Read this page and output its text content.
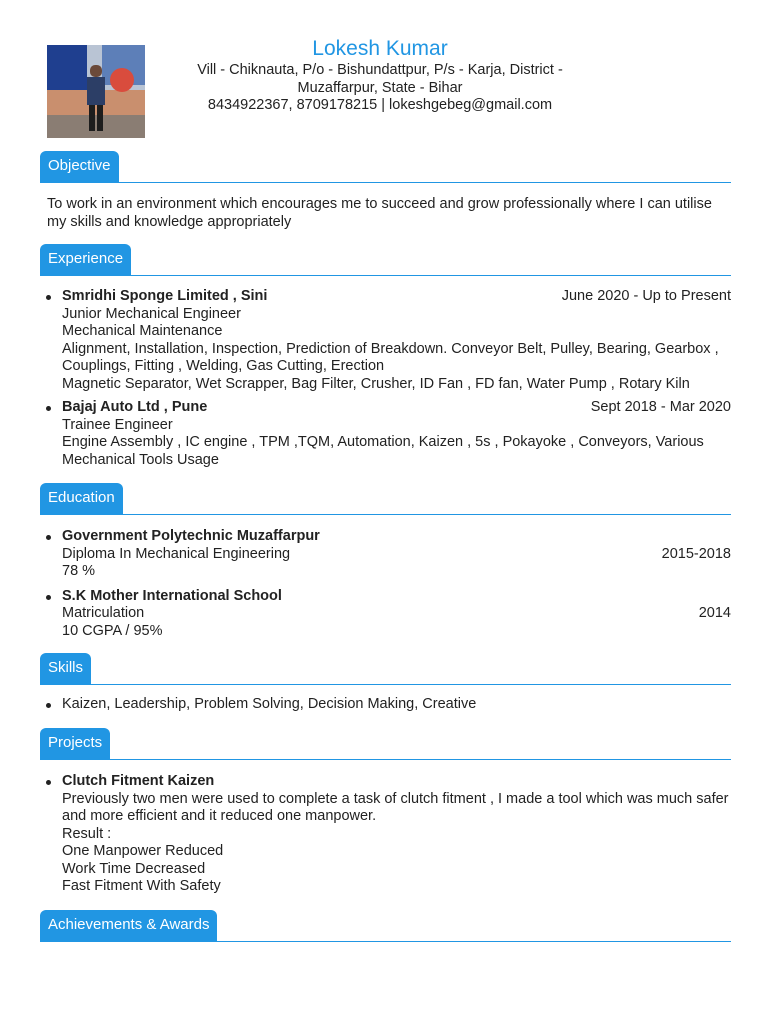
Lokesh Kumar
Vill - Chiknauta, P/o - Bishundattpur, P/s - Karja, District -
Muzaffarpur, State - Bihar
8434922367, 8709178215 | lokeshgebeg@gmail.com
Objective
To work in an environment which encourages me to succeed and grow professionally where I can utilise my skills and knowledge appropriately
Experience
Smridhi Sponge Limited , Sini	June 2020 - Up to Present
Junior Mechanical Engineer
Mechanical Maintenance
Alignment, Installation, Inspection, Prediction of Breakdown. Conveyor Belt, Pulley, Bearing, Gearbox , Couplings, Fitting , Welding, Gas Cutting, Erection
Magnetic Separator, Wet Scrapper, Bag Filter, Crusher, ID Fan , FD fan, Water Pump , Rotary Kiln
Bajaj Auto Ltd , Pune	Sept 2018 - Mar 2020
Trainee Engineer
Engine Assembly , IC engine , TPM ,TQM, Automation, Kaizen , 5s , Pokayoke , Conveyors, Various Mechanical Tools Usage
Education
Government Polytechnic Muzaffarpur
Diploma In Mechanical Engineering	2015-2018
78 %
S.K Mother International School
Matriculation	2014
10 CGPA / 95%
Skills
Kaizen, Leadership, Problem Solving, Decision Making, Creative
Projects
Clutch Fitment Kaizen
Previously two men were used to complete a task of clutch fitment , I made a tool which was much safer and more efficient and it reduced one manpower.
Result :
One Manpower Reduced
Work Time Decreased
Fast Fitment With Safety
Achievements & Awards
